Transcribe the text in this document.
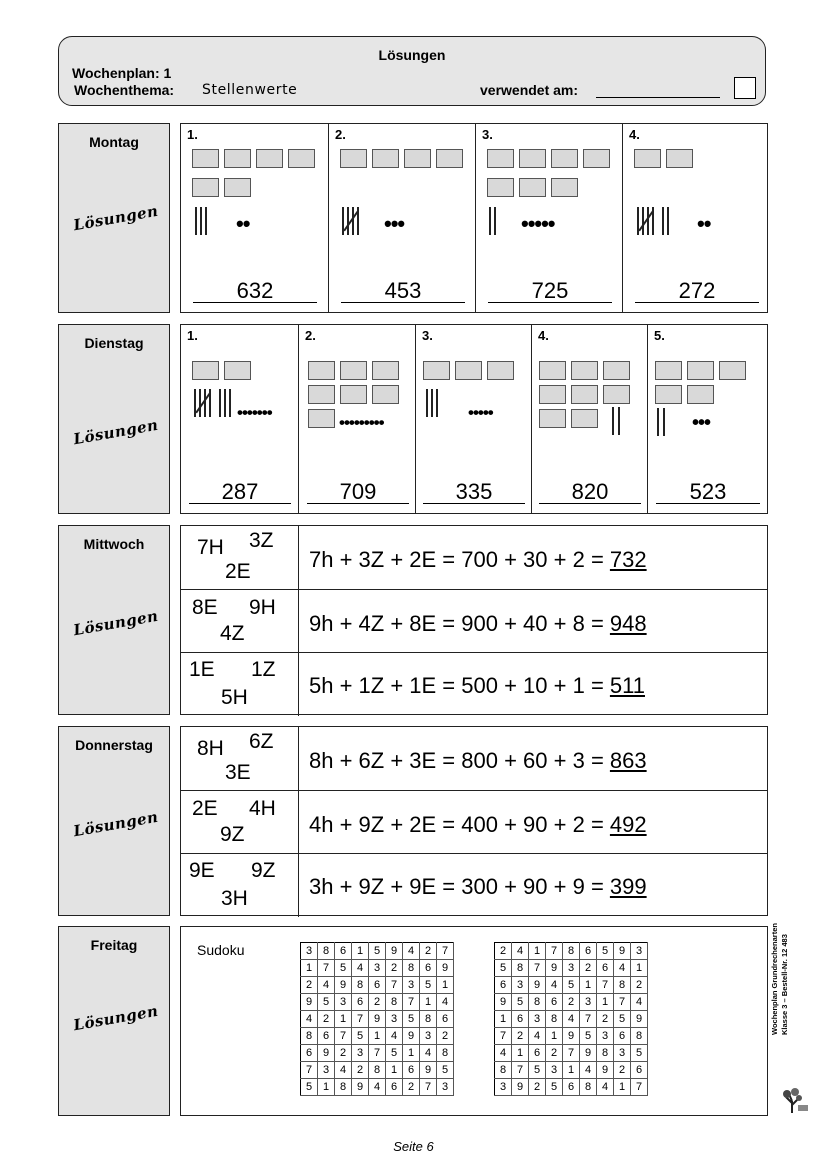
Lösungen
Wochenplan: 1
Wochenthema: Stellenwerte	verwendet am:
Montag
Lösungen
1.
••
632
2.
•••
453
3.
•••••
725
4.
••
272
Dienstag
Lösungen
1.
•••••••
287
2.
•••••••••
709
3.
•••••
335
4.
820
5.
•••
523
Mittwoch
Lösungen
7H 3Z
2E	7h + 3Z + 2E = 700 + 30 + 2 = 732
8E 9H
4Z	9h + 4Z + 8E = 900 + 40 + 8 = 948
1E 1Z
5H	5h + 1Z + 1E = 500 + 10 + 1 = 511
Donnerstag
Lösungen
8H 6Z
3E	8h + 6Z + 3E = 800 + 60 + 3 = 863
2E 4H
9Z	4h + 9Z + 2E = 400 + 90 + 2 = 492
9E 9Z
3H	3h + 9Z + 9E = 300 + 90 + 9 = 399
Freitag
Lösungen
Sudoku	3	8	6	1	5	9	4	2	7
1	7	5	4	3	2	8	6	9
2	4	9	8	6	7	3	5	1
9	5	3	6	2	8	7	1	4
4	2	1	7	9	3	5	8	6
8	6	7	5	1	4	9	3	2
6	9	2	3	7	5	1	4	8
7	3	4	2	8	1	6	9	5
5	1	8	9	4	6	2	7	3
2	4	1	7	8	6	5	9	3
5	8	7	9	3	2	6	4	1
6	3	9	4	5	1	7	8	2
9	5	8	6	2	3	1	7	4
1	6	3	8	4	7	2	5	9
7	2	4	1	9	5	3	6	8
4	1	6	2	7	9	8	3	5
8	7	5	3	1	4	9	2	6
3	9	2	5	6	8	4	1	7
Wochenplan Grundrechenarten Klasse 3 – Bestell-Nr. 12 483
Seite 6
